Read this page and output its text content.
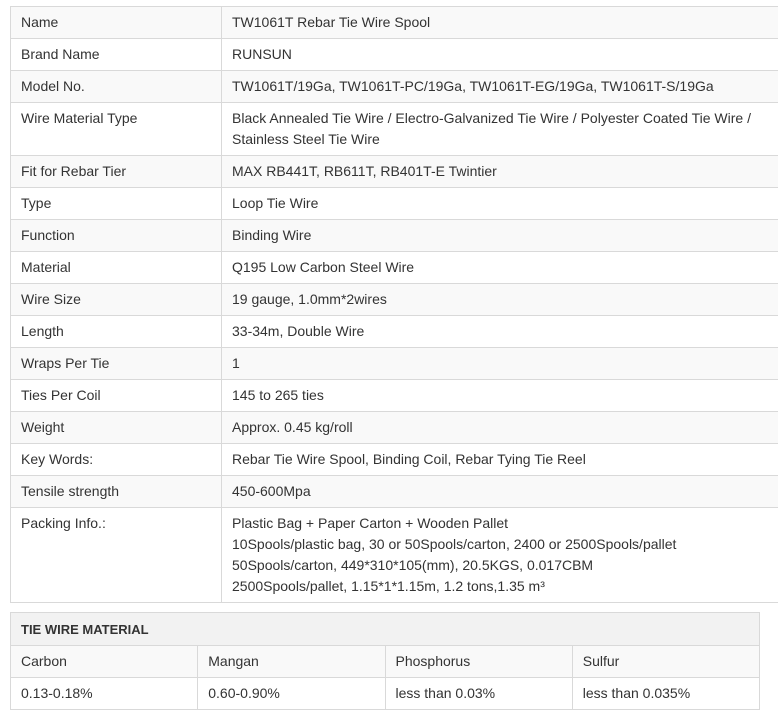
Name	TW1061T Rebar Tie Wire Spool
Brand Name	RUNSUN
Model No.	TW1061T/19Ga, TW1061T-PC/19Ga, TW1061T-EG/19Ga, TW1061T-S/19Ga
Wire Material Type	Black Annealed Tie Wire / Electro-Galvanized Tie Wire / Polyester Coated Tie Wire / Stainless Steel Tie Wire
Fit for Rebar Tier	MAX RB441T, RB611T, RB401T-E Twintier
Type	Loop Tie Wire
Function	Binding Wire
Material	Q195 Low Carbon Steel Wire
Wire Size	19 gauge, 1.0mm*2wires
Length	33-34m, Double Wire
Wraps Per Tie	1
Ties Per Coil	145 to 265 ties
Weight	Approx. 0.45 kg/roll
Key Words:	Rebar Tie Wire Spool, Binding Coil, Rebar Tying Tie Reel
Tensile strength	450-600Mpa
Packing Info.:	Plastic Bag + Paper Carton + Wooden Pallet
10Spools/plastic bag, 30 or 50Spools/carton, 2400 or 2500Spools/pallet
50Spools/carton, 449*310*105(mm), 20.5KGS, 0.017CBM
2500Spools/pallet, 1.15*1*1.15m, 1.2 tons,1.35 m³
TIE WIRE MATERIAL			
Carbon	Mangan	Phosphorus	Sulfur
0.13-0.18%	0.60-0.90%	less than 0.03%	less than 0.035%
